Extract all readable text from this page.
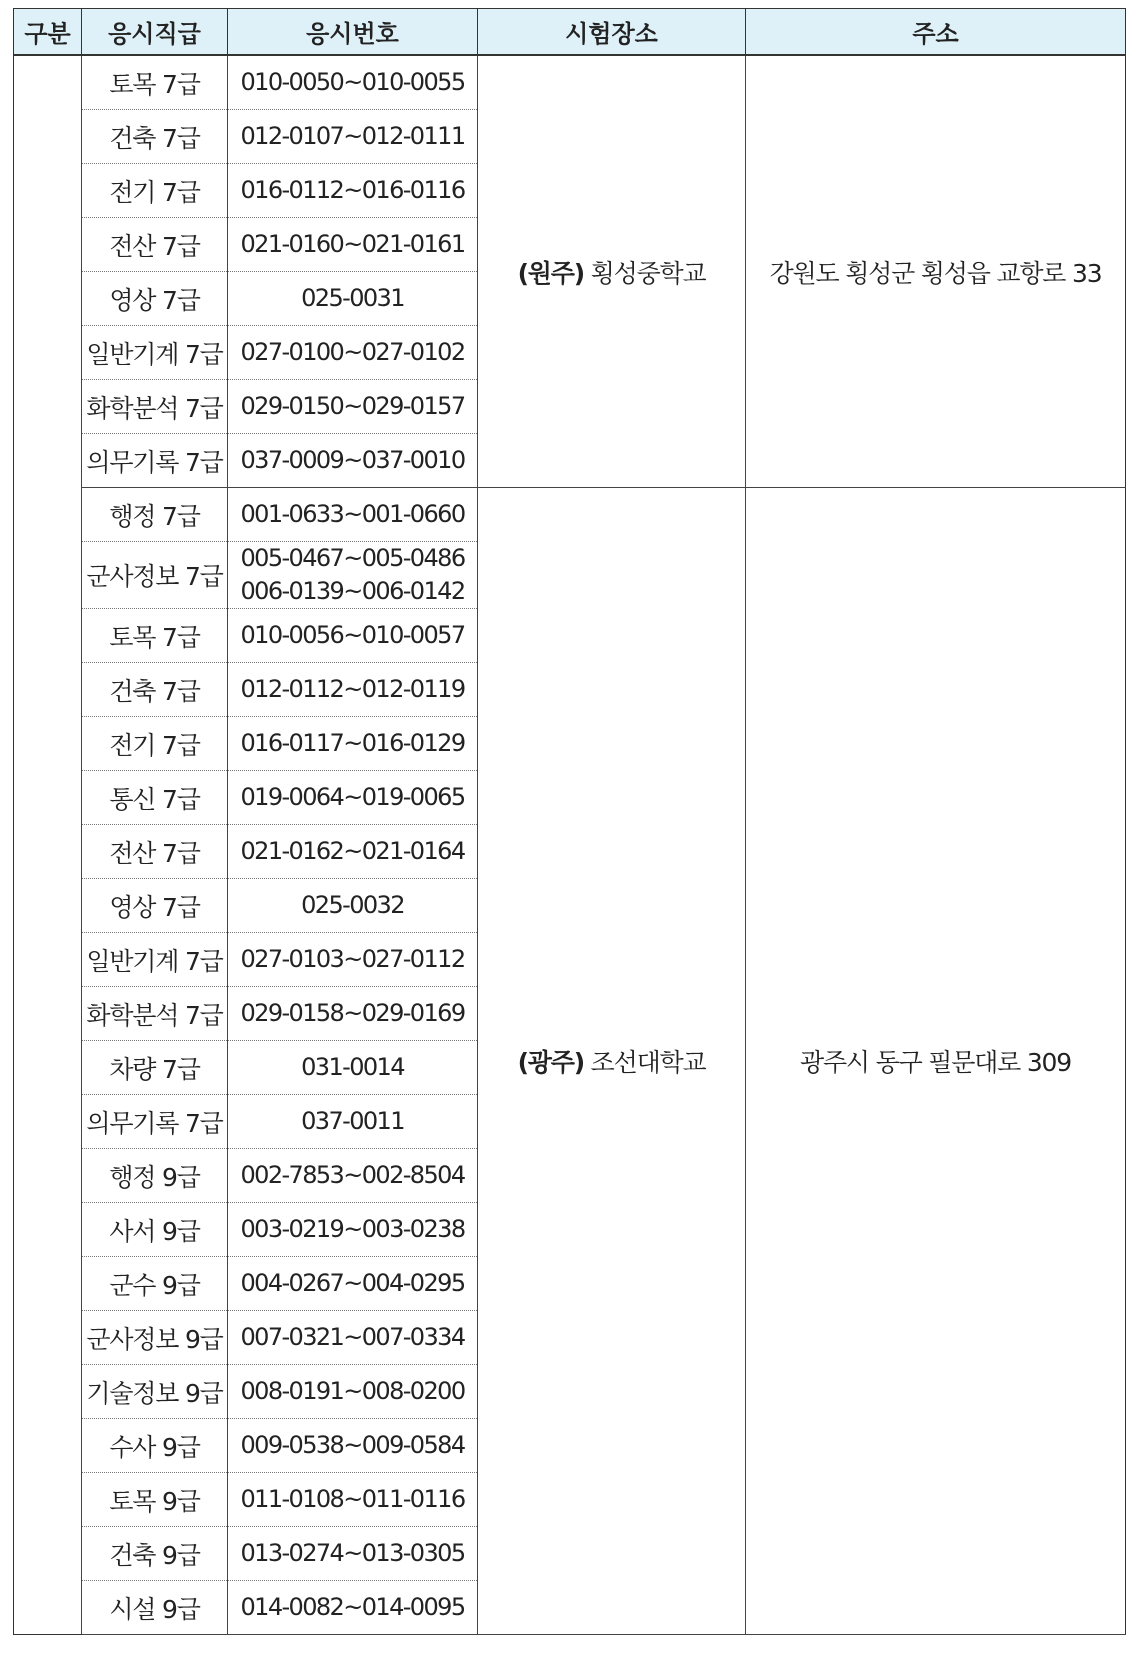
구분	응시직급	응시번호	시험장소	주소
	토목 7급	010-0050~010-0055	(원주) 횡성중학교	강원도 횡성군 횡성읍 교항로 33
	건축 7급	012-0107~012-0111		

	전기 7급	016-0112~016-0116		

	전산 7급	021-0160~021-0161		

	영상 7급	025-0031		

	일반기계 7급	027-0100~027-0102		

	화학분석 7급	029-0150~029-0157		

	의무기록 7급	037-0009~037-0010		

	행정 7급	001-0633~001-0660	(광주) 조선대학교	광주시 동구 필문대로 309
	군사정보 7급	005-0467~005-0486
006-0139~006-0142		

	토목 7급	010-0056~010-0057		

	건축 7급	012-0112~012-0119		

	전기 7급	016-0117~016-0129		

	통신 7급	019-0064~019-0065		

	전산 7급	021-0162~021-0164		

	영상 7급	025-0032		

	일반기계 7급	027-0103~027-0112		

	화학분석 7급	029-0158~029-0169		

	차량 7급	031-0014		

	의무기록 7급	037-0011		

	행정 9급	002-7853~002-8504		

	사서 9급	003-0219~003-0238		

	군수 9급	004-0267~004-0295		

	군사정보 9급	007-0321~007-0334		

	기술정보 9급	008-0191~008-0200		

	수사 9급	009-0538~009-0584		

	토목 9급	011-0108~011-0116		

	건축 9급	013-0274~013-0305		

	시설 9급	014-0082~014-0095		
